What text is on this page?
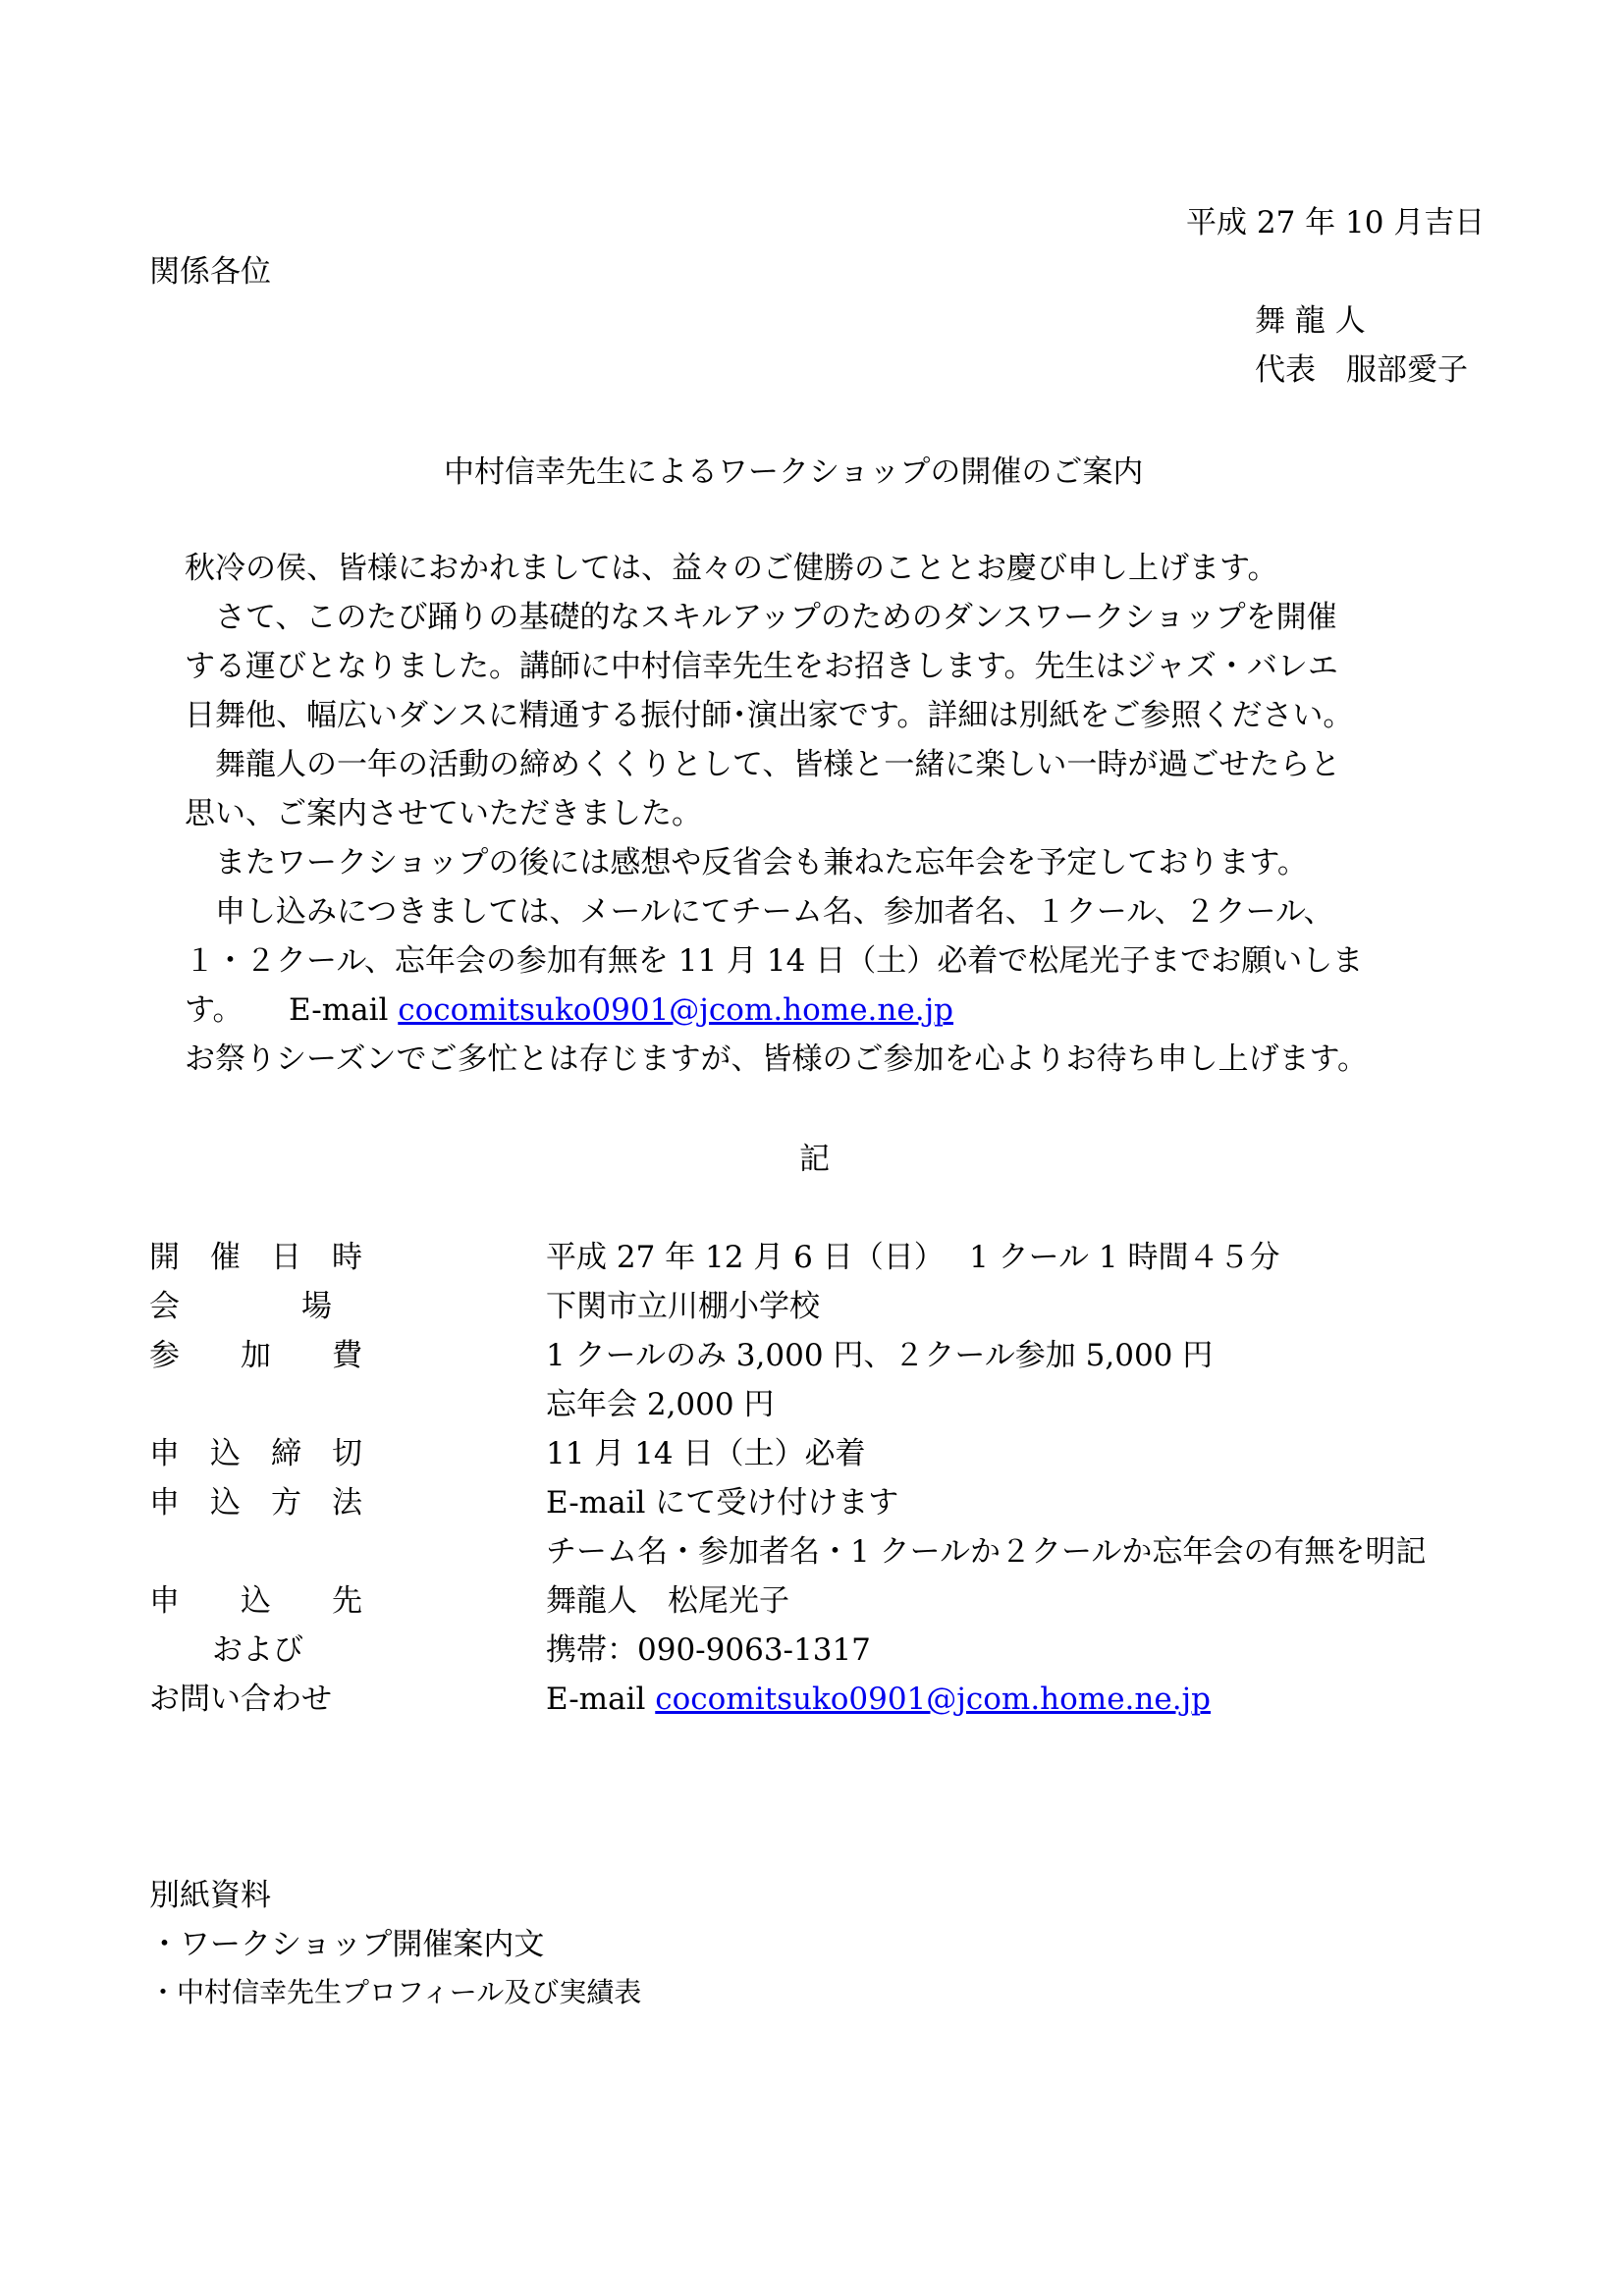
平成 27 年 10 月吉日
関係各位
舞 龍 人
代表　服部愛子
中村信幸先生によるワークショップの開催のご案内
秋冷の侯、皆様におかれましては、益々のご健勝のこととお慶び申し上げます。
　さて、このたび踊りの基礎的なスキルアップのためのダンスワークショップを開催
する運びとなりました。講師に中村信幸先生をお招きします。先生はジャズ・バレエ
日舞他、幅広いダンスに精通する振付師･演出家です。詳細は別紙をご参照ください。
　舞龍人の一年の活動の締めくくりとして、皆様と一緒に楽しい一時が過ごせたらと
思い、ご案内させていただきました。
　またワークショップの後には感想や反省会も兼ねた忘年会を予定しております。
　申し込みにつきましては、メールにてチーム名、参加者名、１クール、２クール、
１・２クール、忘年会の参加有無を 11 月 14 日（土）必着で松尾光子までお願いしま
す。　　E-mail cocomitsuko0901@jcom.home.ne.jp
お祭りシーズンでご多忙とは存じますが、皆様のご参加を心よりお待ち申し上げます。
記
開　催　日　時	平成 27 年 12 月 6 日（日）　 1 クール 1 時間４５分
会　　　　場	下関市立川棚小学校
参　　加　　費	1 クールのみ 3,000 円、２クール参加 5,000 円
忘年会 2,000 円
申　込　締　切	11 月 14 日（土）必着
申　込　方　法	E-mail にて受け付けます
チーム名・参加者名・1 クールか２クールか忘年会の有無を明記
申　　込　　先	舞龍人　松尾光子
および	携帯：090-9063-1317
お問い合わせ	E-mail cocomitsuko0901@jcom.home.ne.jp
別紙資料
・ワークショップ開催案内文
・中村信幸先生プロフィール及び実績表
